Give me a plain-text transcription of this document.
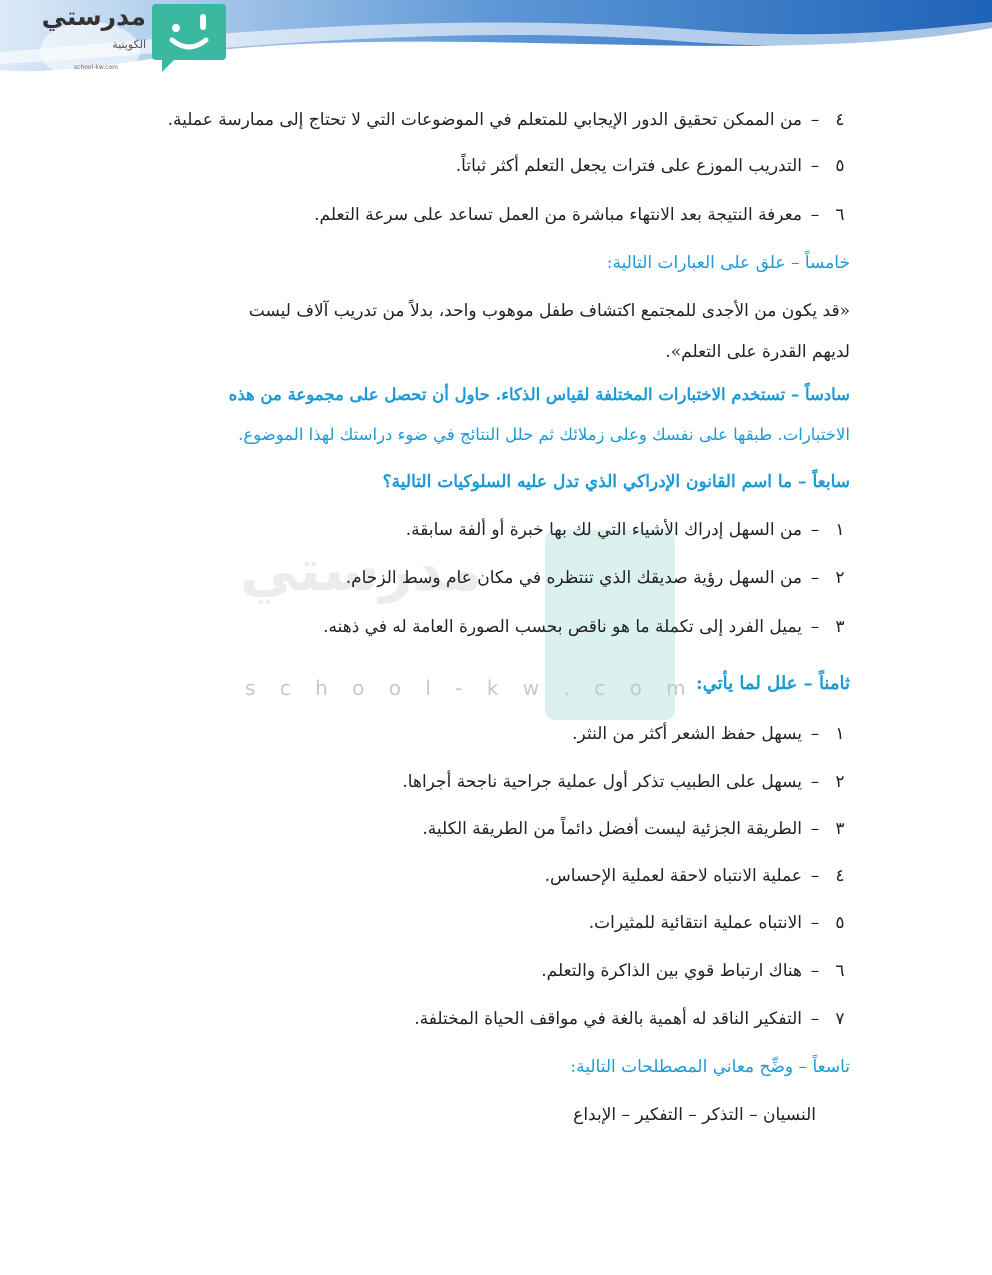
مدرستي
الكويتية
school-kw.com
مدرستي
s c h o o l - k w . c o m
٤–من الممكن تحقيق الدور الإيجابي للمتعلم في الموضوعات التي لا تحتاج إلى ممارسة عملية.
٥–التدريب الموزع على فترات يجعل التعلم أكثر ثباتاً.
٦–معرفة النتيجة بعد الانتهاء مباشرة من العمل تساعد على سرعة التعلم.
خامساً – علق على العبارات التالية:
«قد يكون من الأجدى للمجتمع اكتشاف طفل موهوب واحد، بدلاً من تدريب آلاف ليست
لديهم القدرة على التعلم».
سادساً – تستخدم الاختبارات المختلفة لقياس الذكاء. حاول أن تحصل على مجموعة من هذه
الاختبارات. طبقها على نفسك وعلى زملائك ثم حلل النتائج في ضوء دراستك لهذا الموضوع.
سابعاً – ما اسم القانون الإدراكي الذي تدل عليه السلوكيات التالية؟
١–من السهل إدراك الأشياء التي لك بها خبرة أو ألفة سابقة.
٢–من السهل رؤية صديقك الذي تنتظره في مكان عام وسط الزحام.
٣–يميل الفرد إلى تكملة ما هو ناقص بحسب الصورة العامة له في ذهنه.
ثامناً – علل لما يأتي:
١–يسهل حفظ الشعر أكثر من النثر.
٢–يسهل على الطبيب تذكر أول عملية جراحية ناجحة أجراها.
٣–الطريقة الجزئية ليست أفضل دائماً من الطريقة الكلية.
٤–عملية الانتباه لاحقة لعملية الإحساس.
٥–الانتباه عملية انتقائية للمثيرات.
٦–هناك ارتباط قوي بين الذاكرة والتعلم.
٧–التفكير الناقد له أهمية بالغة في مواقف الحياة المختلفة.
تاسعاً – وضِّح معاني المصطلحات التالية:
النسيان – التذكر – التفكير – الإبداع
